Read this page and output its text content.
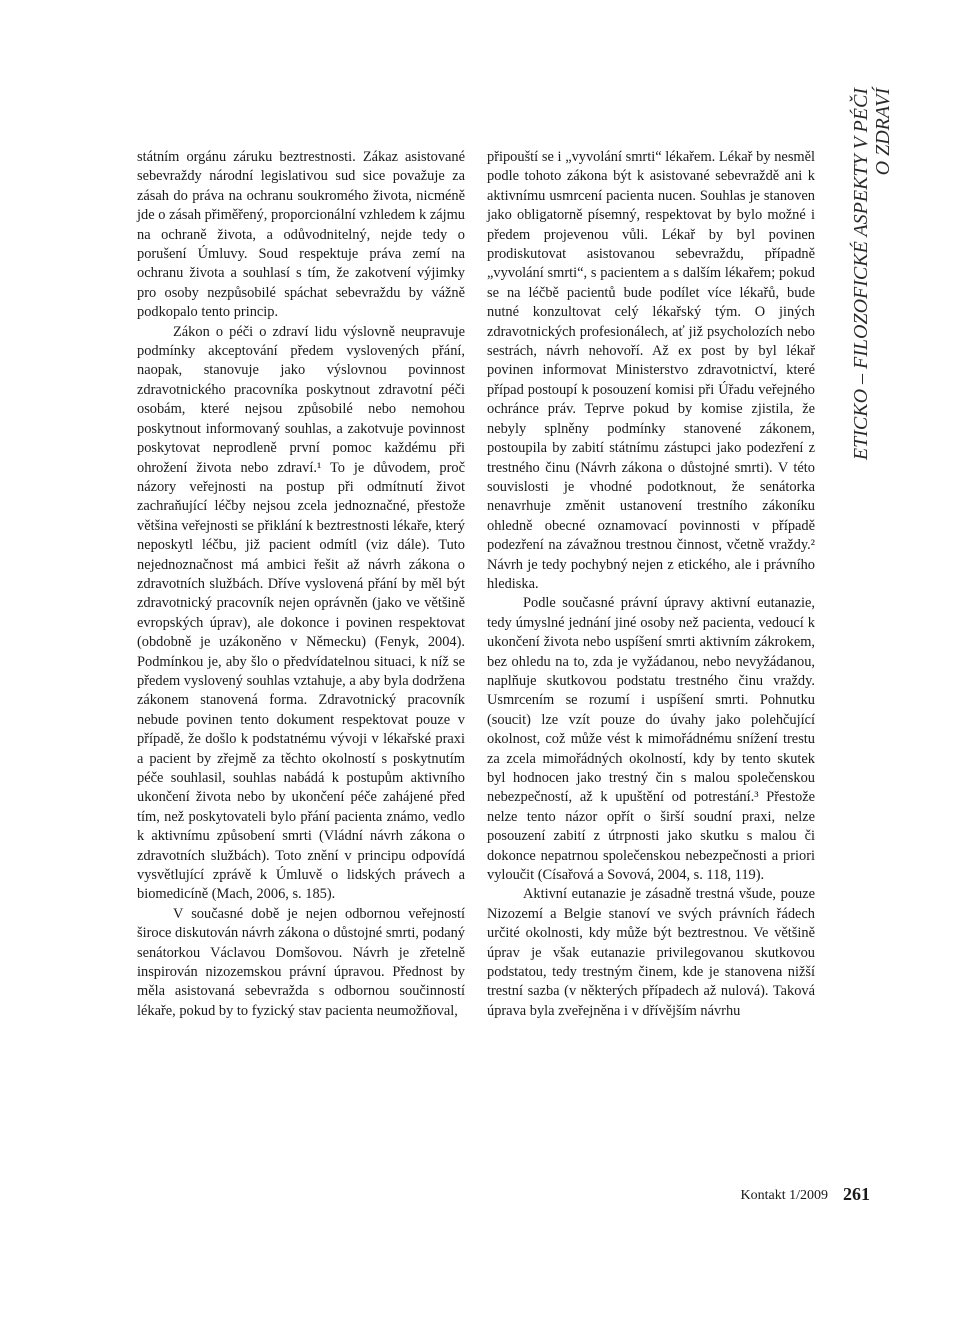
ETICKO – FILOZOFICKÉ ASPEKTY V PÉČI O ZDRAVÍ

státním orgánu záruku beztrestnosti. Zákaz asistované sebevraždy národní legislativou sud sice považuje za zásah do práva na ochranu soukromého života, nicméně jde o zásah přiměřený, proporcionální vzhledem k zájmu na ochraně života, a odůvodnitelný, nejde tedy o porušení Úmluvy. Soud respektuje práva zemí na ochranu života a souhlasí s tím, že zakotvení výjimky pro osoby nezpůsobilé spáchat sebevraždu by vážně podkopalo tento princip.

Zákon o péči o zdraví lidu výslovně neupravuje podmínky akceptování předem vyslovených přání, naopak, stanovuje jako výslovnou povinnost zdravotnického pracovníka poskytnout zdravotní péči osobám, které nejsou způsobilé nebo nemohou poskytnout informovaný souhlas, a zakotvuje povinnost poskytovat neprodleně první pomoc každému při ohrožení života nebo zdraví.¹ To je důvodem, proč názory veřejnosti na postup při odmítnutí život zachraňující léčby nejsou zcela jednoznačné, přestože většina veřejnosti se přiklání k beztrestnosti lékaře, který neposkytl léčbu, již pacient odmítl (viz dále). Tuto nejednoznačnost má ambici řešit až návrh zákona o zdravotních službách. Dříve vyslovená přání by měl být zdravotnický pracovník nejen oprávněn (jako ve většině evropských úprav), ale dokonce i povinen respektovat (obdobně je uzákoněno v Německu) (Fenyk, 2004). Podmínkou je, aby šlo o předvídatelnou situaci, k níž se předem vyslovený souhlas vztahuje, a aby byla dodržena zákonem stanovená forma. Zdravotnický pracovník nebude povinen tento dokument respektovat pouze v případě, že došlo k podstatnému vývoji v lékařské praxi a pacient by zřejmě za těchto okolností s poskytnutím péče souhlasil, souhlas nabádá k postupům aktivního ukončení života nebo by ukončení péče zahájené před tím, než poskytovateli bylo přání pacienta známo, vedlo k aktivnímu způsobení smrti (Vládní návrh zákona o zdravotních službách). Toto znění v principu odpovídá vysvětlující zprávě k Úmluvě o lidských právech a biomedicíně (Mach, 2006, s. 185).

V současné době je nejen odbornou veřejností široce diskutován návrh zákona o důstojné smrti, podaný senátorkou Václavou Domšovou. Návrh je zřetelně inspirován nizozemskou právní úpravou. Přednost by měla asistovaná sebevražda s odbornou součinností lékaře, pokud by to fyzický stav pacienta neumožňoval,

připouští se i „vyvolání smrti“ lékařem. Lékař by nesměl podle tohoto zákona být k asistované sebevraždě ani k aktivnímu usmrcení pacienta nucen. Souhlas je stanoven jako obligatorně písemný, respektovat by bylo možné i předem projevenou vůli. Lékař by byl povinen prodiskutovat asistovanou sebevraždu, případně „vyvolání smrti“, s pacientem a s dalším lékařem; pokud se na léčbě pacientů bude podílet více lékařů, bude nutné konzultovat celý lékařský tým. O jiných zdravotnických profesionálech, ať již psycholozích nebo sestrách, návrh nehovoří. Až ex post by byl lékař povinen informovat Ministerstvo zdravotnictví, které případ postoupí k posouzení komisi při Úřadu veřejného ochránce práv. Teprve pokud by komise zjistila, že nebyly splněny podmínky stanovené zákonem, postoupila by zabití státnímu zástupci jako podezření z trestného činu (Návrh zákona o důstojné smrti). V této souvislosti je vhodné podotknout, že senátorka nenavrhuje změnit ustanovení trestního zákoníku ohledně obecné oznamovací povinnosti v případě podezření na závažnou trestnou činnost, včetně vraždy.² Návrh je tedy pochybný nejen z etického, ale i právního hlediska.

Podle současné právní úpravy aktivní eutanazie, tedy úmyslné jednání jiné osoby než pacienta, vedoucí k ukončení života nebo uspíšení smrti aktivním zákrokem, bez ohledu na to, zda je vyžádanou, nebo nevyžádanou, naplňuje skutkovou podstatu trestného činu vraždy. Usmrcením se rozumí i uspíšení smrti. Pohnutku (soucit) lze vzít pouze do úvahy jako polehčující okolnost, což může vést k mimořádnému snížení trestu za zcela mimořádných okolností, kdy by tento skutek byl hodnocen jako trestný čin s malou společenskou nebezpečností, až k upuštění od potrestání.³ Přestože nelze tento názor opřít o širší soudní praxi, nelze posouzení zabití z útrpnosti jako skutku s malou či dokonce nepatrnou společenskou nebezpečnosti a priori vyloučit (Císařová a Sovová, 2004, s. 118, 119).

Aktivní eutanazie je zásadně trestná všude, pouze Nizozemí a Belgie stanoví ve svých právních řádech určité okolnosti, kdy může být beztrestnou. Ve většině úprav je však eutanazie privilegovanou skutkovou podstatou, tedy trestným činem, kde je stanovena nižší trestní sazba (v některých případech až nulová). Taková úprava byla zveřejněna i v dřívějším návrhu

Kontakt 1/2009 261
